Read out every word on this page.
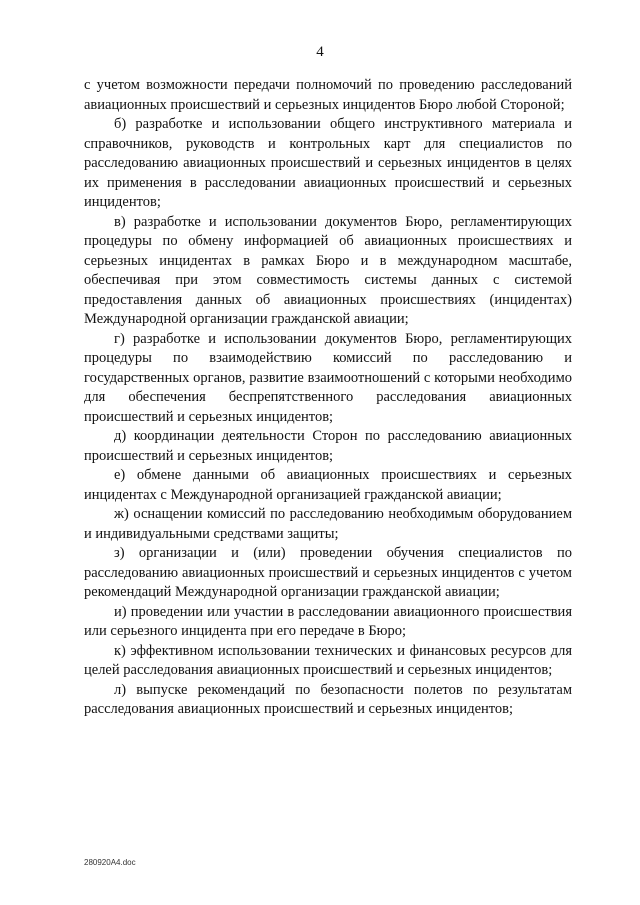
4

с учетом возможности передачи полномочий по проведению расследований авиационных происшествий и серьезных инцидентов Бюро любой Стороной;

б) разработке и использовании общего инструктивного материала и справочников, руководств и контрольных карт для специалистов по расследованию авиационных происшествий и серьезных инцидентов в целях их применения в расследовании авиационных происшествий и серьезных инцидентов;

в) разработке и использовании документов Бюро, регламентирующих процедуры по обмену информацией об авиационных происшествиях и серьезных инцидентах в рамках Бюро и в международном масштабе, обеспечивая при этом совместимость системы данных с системой предоставления данных об авиационных происшествиях (инцидентах) Международной организации гражданской авиации;

г) разработке и использовании документов Бюро, регламентирующих процедуры по взаимодействию комиссий по расследованию и государственных органов, развитие взаимоотношений с которыми необходимо для обеспечения беспрепятственного расследования авиационных происшествий и серьезных инцидентов;

д) координации деятельности Сторон по расследованию авиационных происшествий и серьезных инцидентов;

е) обмене данными об авиационных происшествиях и серьезных инцидентах с Международной организацией гражданской авиации;

ж) оснащении комиссий по расследованию необходимым оборудованием и индивидуальными средствами защиты;

з) организации и (или) проведении обучения специалистов по расследованию авиационных происшествий и серьезных инцидентов с учетом рекомендаций Международной организации гражданской авиации;

и) проведении или участии в расследовании авиационного происшествия или серьезного инцидента при его передаче в Бюро;

к) эффективном использовании технических и финансовых ресурсов для целей расследования авиационных происшествий и серьезных инцидентов;

л) выпуске рекомендаций по безопасности полетов по результатам расследования авиационных происшествий и серьезных инцидентов;

280920A4.doc
